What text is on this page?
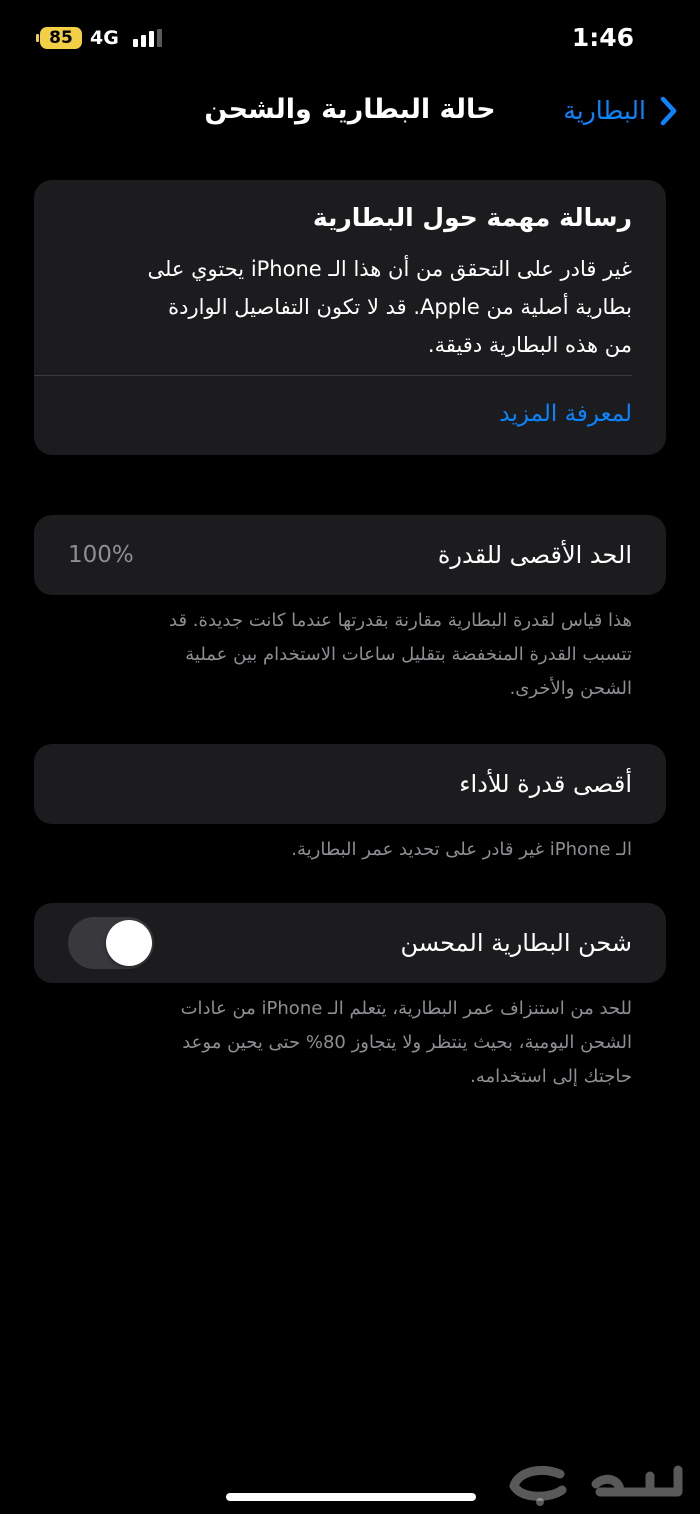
85 4G	1:46
البطارية
حالة البطارية والشحن
رسالة مهمة حول البطارية
غير قادر على التحقق من أن هذا الـ iPhone يحتوي على
بطارية أصلية من Apple. قد لا تكون التفاصيل الواردة
من هذه البطارية دقيقة.
لمعرفة المزيد
الحد الأقصى للقدرة
100%
هذا قياس لقدرة البطارية مقارنة بقدرتها عندما كانت جديدة. قد
تتسبب القدرة المنخفضة بتقليل ساعات الاستخدام بين عملية
الشحن والأخرى.
أقصى قدرة للأداء
الـ iPhone غير قادر على تحديد عمر البطارية.
شحن البطارية المحسن
للحد من استنزاف عمر البطارية، يتعلم الـ iPhone من عادات
الشحن اليومية، بحيث ينتظر ولا يتجاوز 80% حتى يحين موعد
حاجتك إلى استخدامه.
